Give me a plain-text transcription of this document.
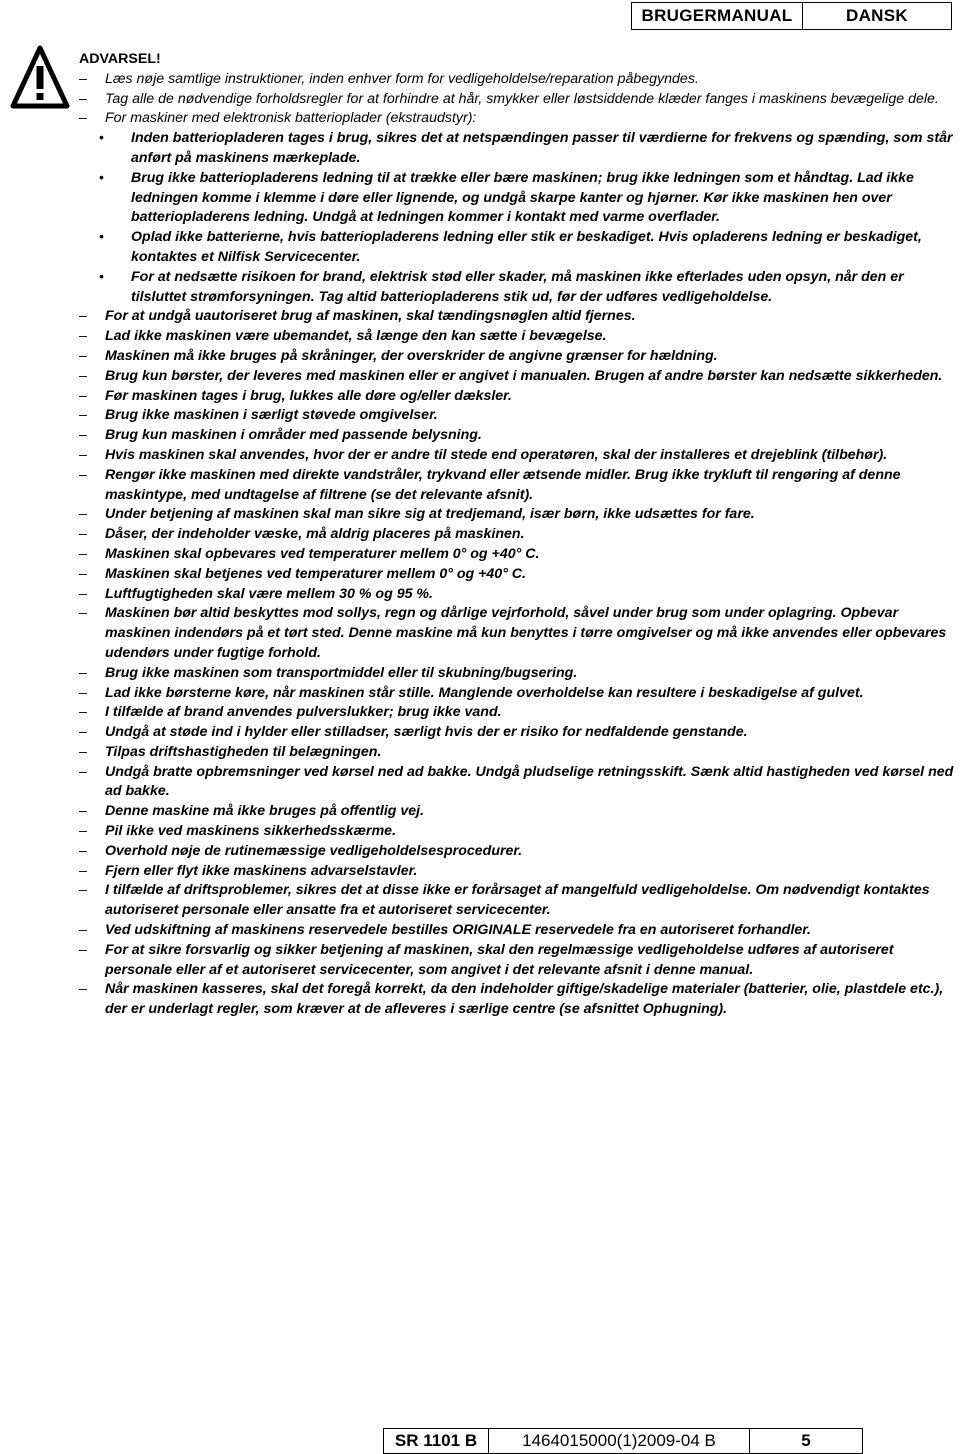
BRUGERMANUAL	DANSK
ADVARSEL!
– Læs nøje samtlige instruktioner, inden enhver form for vedligeholdelse/reparation påbegyndes.
– Tag alle de nødvendige forholdsregler for at forhindre at hår, smykker eller løstsiddende klæder fanges i maskinens bevægelige dele.
– For maskiner med elektronisk batterioplader (ekstraudstyr):
• Inden batteriopladeren tages i brug, sikres det at netspændingen passer til værdierne for frekvens og spænding, som står anført på maskinens mærkeplade.
• Brug ikke batteriopladerens ledning til at trække eller bære maskinen; brug ikke ledningen som et håndtag. Lad ikke ledningen komme i klemme i døre eller lignende, og undgå skarpe kanter og hjørner. Kør ikke maskinen hen over batteriopladerens ledning. Undgå at ledningen kommer i kontakt med varme overflader.
• Oplad ikke batterierne, hvis batteriopladerens ledning eller stik er beskadiget. Hvis opladerens ledning er beskadiget, kontaktes et Nilfisk Servicecenter.
• For at nedsætte risikoen for brand, elektrisk stød eller skader, må maskinen ikke efterlades uden opsyn, når den er tilsluttet strømforsyningen. Tag altid batteriopladerens stik ud, før der udføres vedligeholdelse.
– For at undgå uautoriseret brug af maskinen, skal tændingsnøglen altid fjernes.
– Lad ikke maskinen være ubemandet, så længe den kan sætte i bevægelse.
– Maskinen må ikke bruges på skråninger, der overskrider de angivne grænser for hældning.
– Brug kun børster, der leveres med maskinen eller er angivet i manualen. Brugen af andre børster kan nedsætte sikkerheden.
– Før maskinen tages i brug, lukkes alle døre og/eller dæksler.
– Brug ikke maskinen i særligt støvede omgivelser.
– Brug kun maskinen i områder med passende belysning.
– Hvis maskinen skal anvendes, hvor der er andre til stede end operatøren, skal der installeres et drejeblink (tilbehør).
– Rengør ikke maskinen med direkte vandstråler, trykvand eller ætsende midler. Brug ikke trykluft til rengøring af denne maskintype, med undtagelse af filtrene (se det relevante afsnit).
– Under betjening af maskinen skal man sikre sig at tredjemand, især børn, ikke udsættes for fare.
– Dåser, der indeholder væske, må aldrig placeres på maskinen.
– Maskinen skal opbevares ved temperaturer mellem 0° og +40° C.
– Maskinen skal betjenes ved temperaturer mellem 0° og +40° C.
– Luftfugtigheden skal være mellem 30 % og 95 %.
– Maskinen bør altid beskyttes mod sollys, regn og dårlige vejrforhold, såvel under brug som under oplagring. Opbevar maskinen indendørs på et tørt sted. Denne maskine må kun benyttes i tørre omgivelser og må ikke anvendes eller opbevares udendørs under fugtige forhold.
– Brug ikke maskinen som transportmiddel eller til skubning/bugsering.
– Lad ikke børsterne køre, når maskinen står stille. Manglende overholdelse kan resultere i beskadigelse af gulvet.
– I tilfælde af brand anvendes pulverslukker; brug ikke vand.
– Undgå at støde ind i hylder eller stilladser, særligt hvis der er risiko for nedfaldende genstande.
– Tilpas driftshastigheden til belægningen.
– Undgå bratte opbremsninger ved kørsel ned ad bakke. Undgå pludselige retningsskift. Sænk altid hastigheden ved kørsel ned ad bakke.
– Denne maskine må ikke bruges på offentlig vej.
– Pil ikke ved maskinens sikkerhedsskærme.
– Overhold nøje de rutinemæssige vedligeholdelsesprocedurer.
– Fjern eller flyt ikke maskinens advarselstavler.
– I tilfælde af driftsproblemer, sikres det at disse ikke er forårsaget af mangelfuld vedligeholdelse. Om nødvendigt kontaktes autoriseret personale eller ansatte fra et autoriseret servicecenter.
– Ved udskiftning af maskinens reservedele bestilles ORIGINALE reservedele fra en autoriseret forhandler.
– For at sikre forsvarlig og sikker betjening af maskinen, skal den regelmæssige vedligeholdelse udføres af autoriseret personale eller af et autoriseret servicecenter, som angivet i det relevante afsnit i denne manual.
– Når maskinen kasseres, skal det foregå korrekt, da den indeholder giftige/skadelige materialer (batterier, olie, plastdele etc.), der er underlagt regler, som kræver at de afleveres i særlige centre (se afsnittet Ophugning).
SR 1101 B	1464015000(1)2009-04 B	5
